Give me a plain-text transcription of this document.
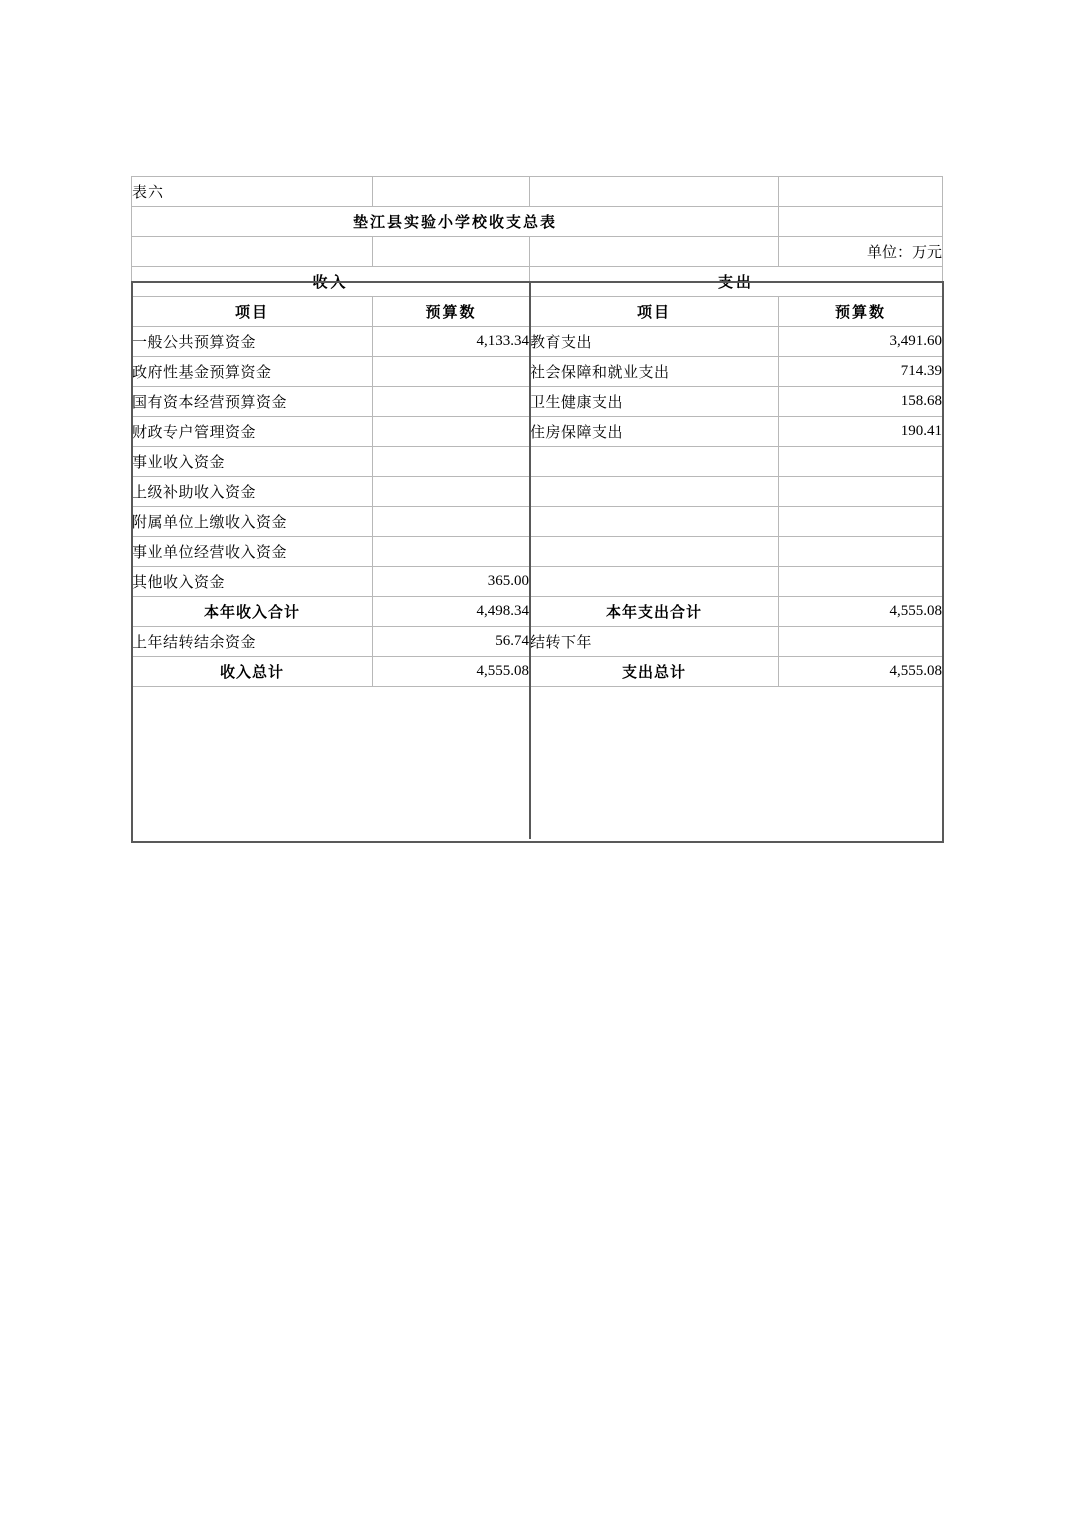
表六			
垫江县实验小学校收支总表			
			单位：万元
收入		支出	
项目	预算数	项目	预算数
一般公共预算资金	4,133.34	教育支出	3,491.60
政府性基金预算资金		社会保障和就业支出	714.39
国有资本经营预算资金		卫生健康支出	158.68
财政专户管理资金		住房保障支出	190.41
事业收入资金			
上级补助收入资金			
附属单位上缴收入资金			
事业单位经营收入资金			
其他收入资金	365.00		
本年收入合计	4,498.34	本年支出合计	4,555.08
上年结转结余资金	56.74	结转下年	
收入总计	4,555.08	支出总计	4,555.08
